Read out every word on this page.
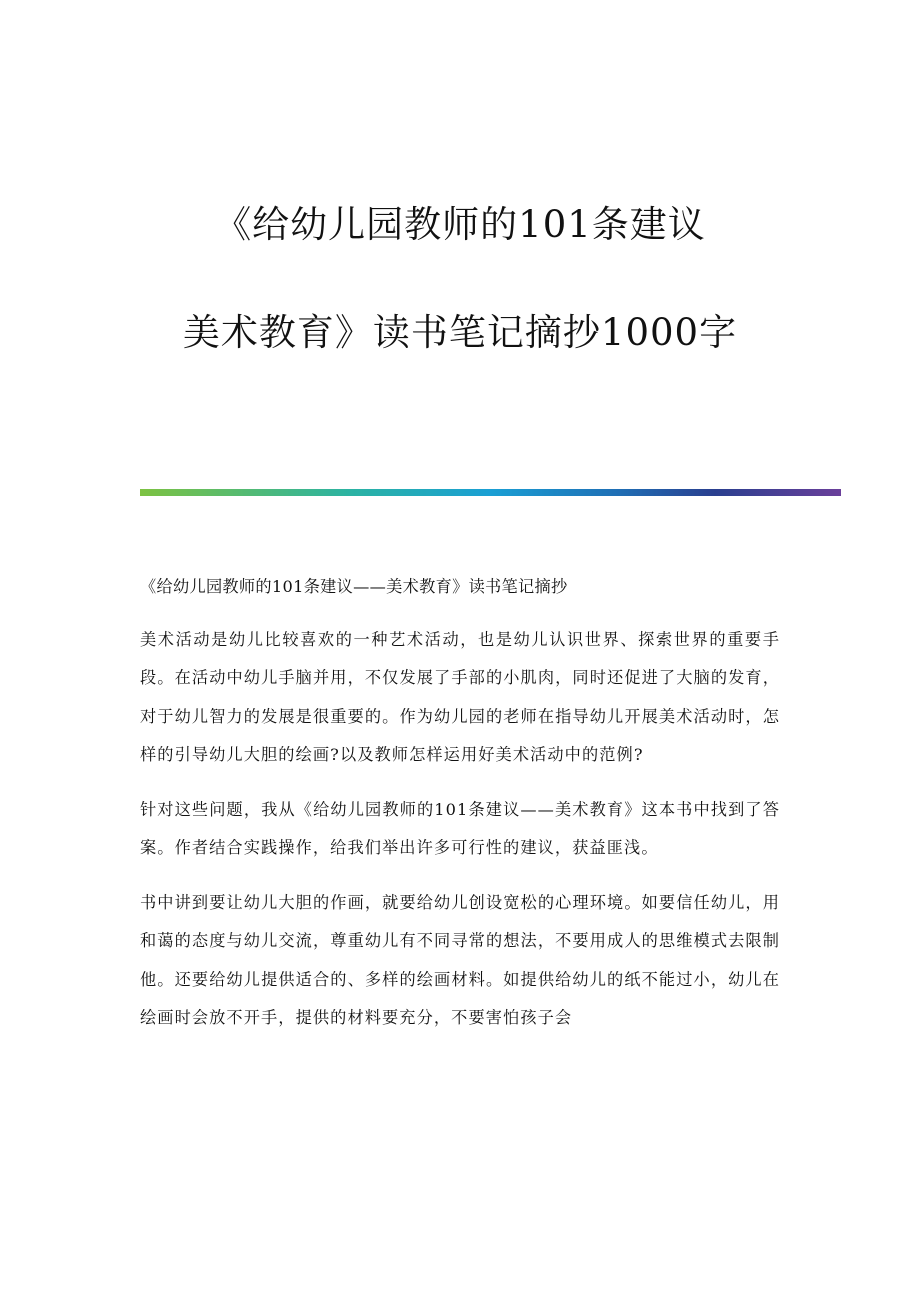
《给幼儿园教师的101条建议
美术教育》读书笔记摘抄1000字

《给幼儿园教师的101条建议——美术教育》读书笔记摘抄

美术活动是幼儿比较喜欢的一种艺术活动，也是幼儿认识世界、探索世界的重要手段。在活动中幼儿手脑并用，不仅发展了手部的小肌肉，同时还促进了大脑的发育，对于幼儿智力的发展是很重要的。作为幼儿园的老师在指导幼儿开展美术活动时，怎样的引导幼儿大胆的绘画?以及教师怎样运用好美术活动中的范例?

针对这些问题，我从《给幼儿园教师的101条建议——美术教育》这本书中找到了答案。作者结合实践操作，给我们举出许多可行性的建议，获益匪浅。

书中讲到要让幼儿大胆的作画，就要给幼儿创设宽松的心理环境。如要信任幼儿，用和蔼的态度与幼儿交流，尊重幼儿有不同寻常的想法，不要用成人的思维模式去限制他。还要给幼儿提供适合的、多样的绘画材料。如提供给幼儿的纸不能过小，幼儿在绘画时会放不开手，提供的材料要充分，不要害怕孩子会
